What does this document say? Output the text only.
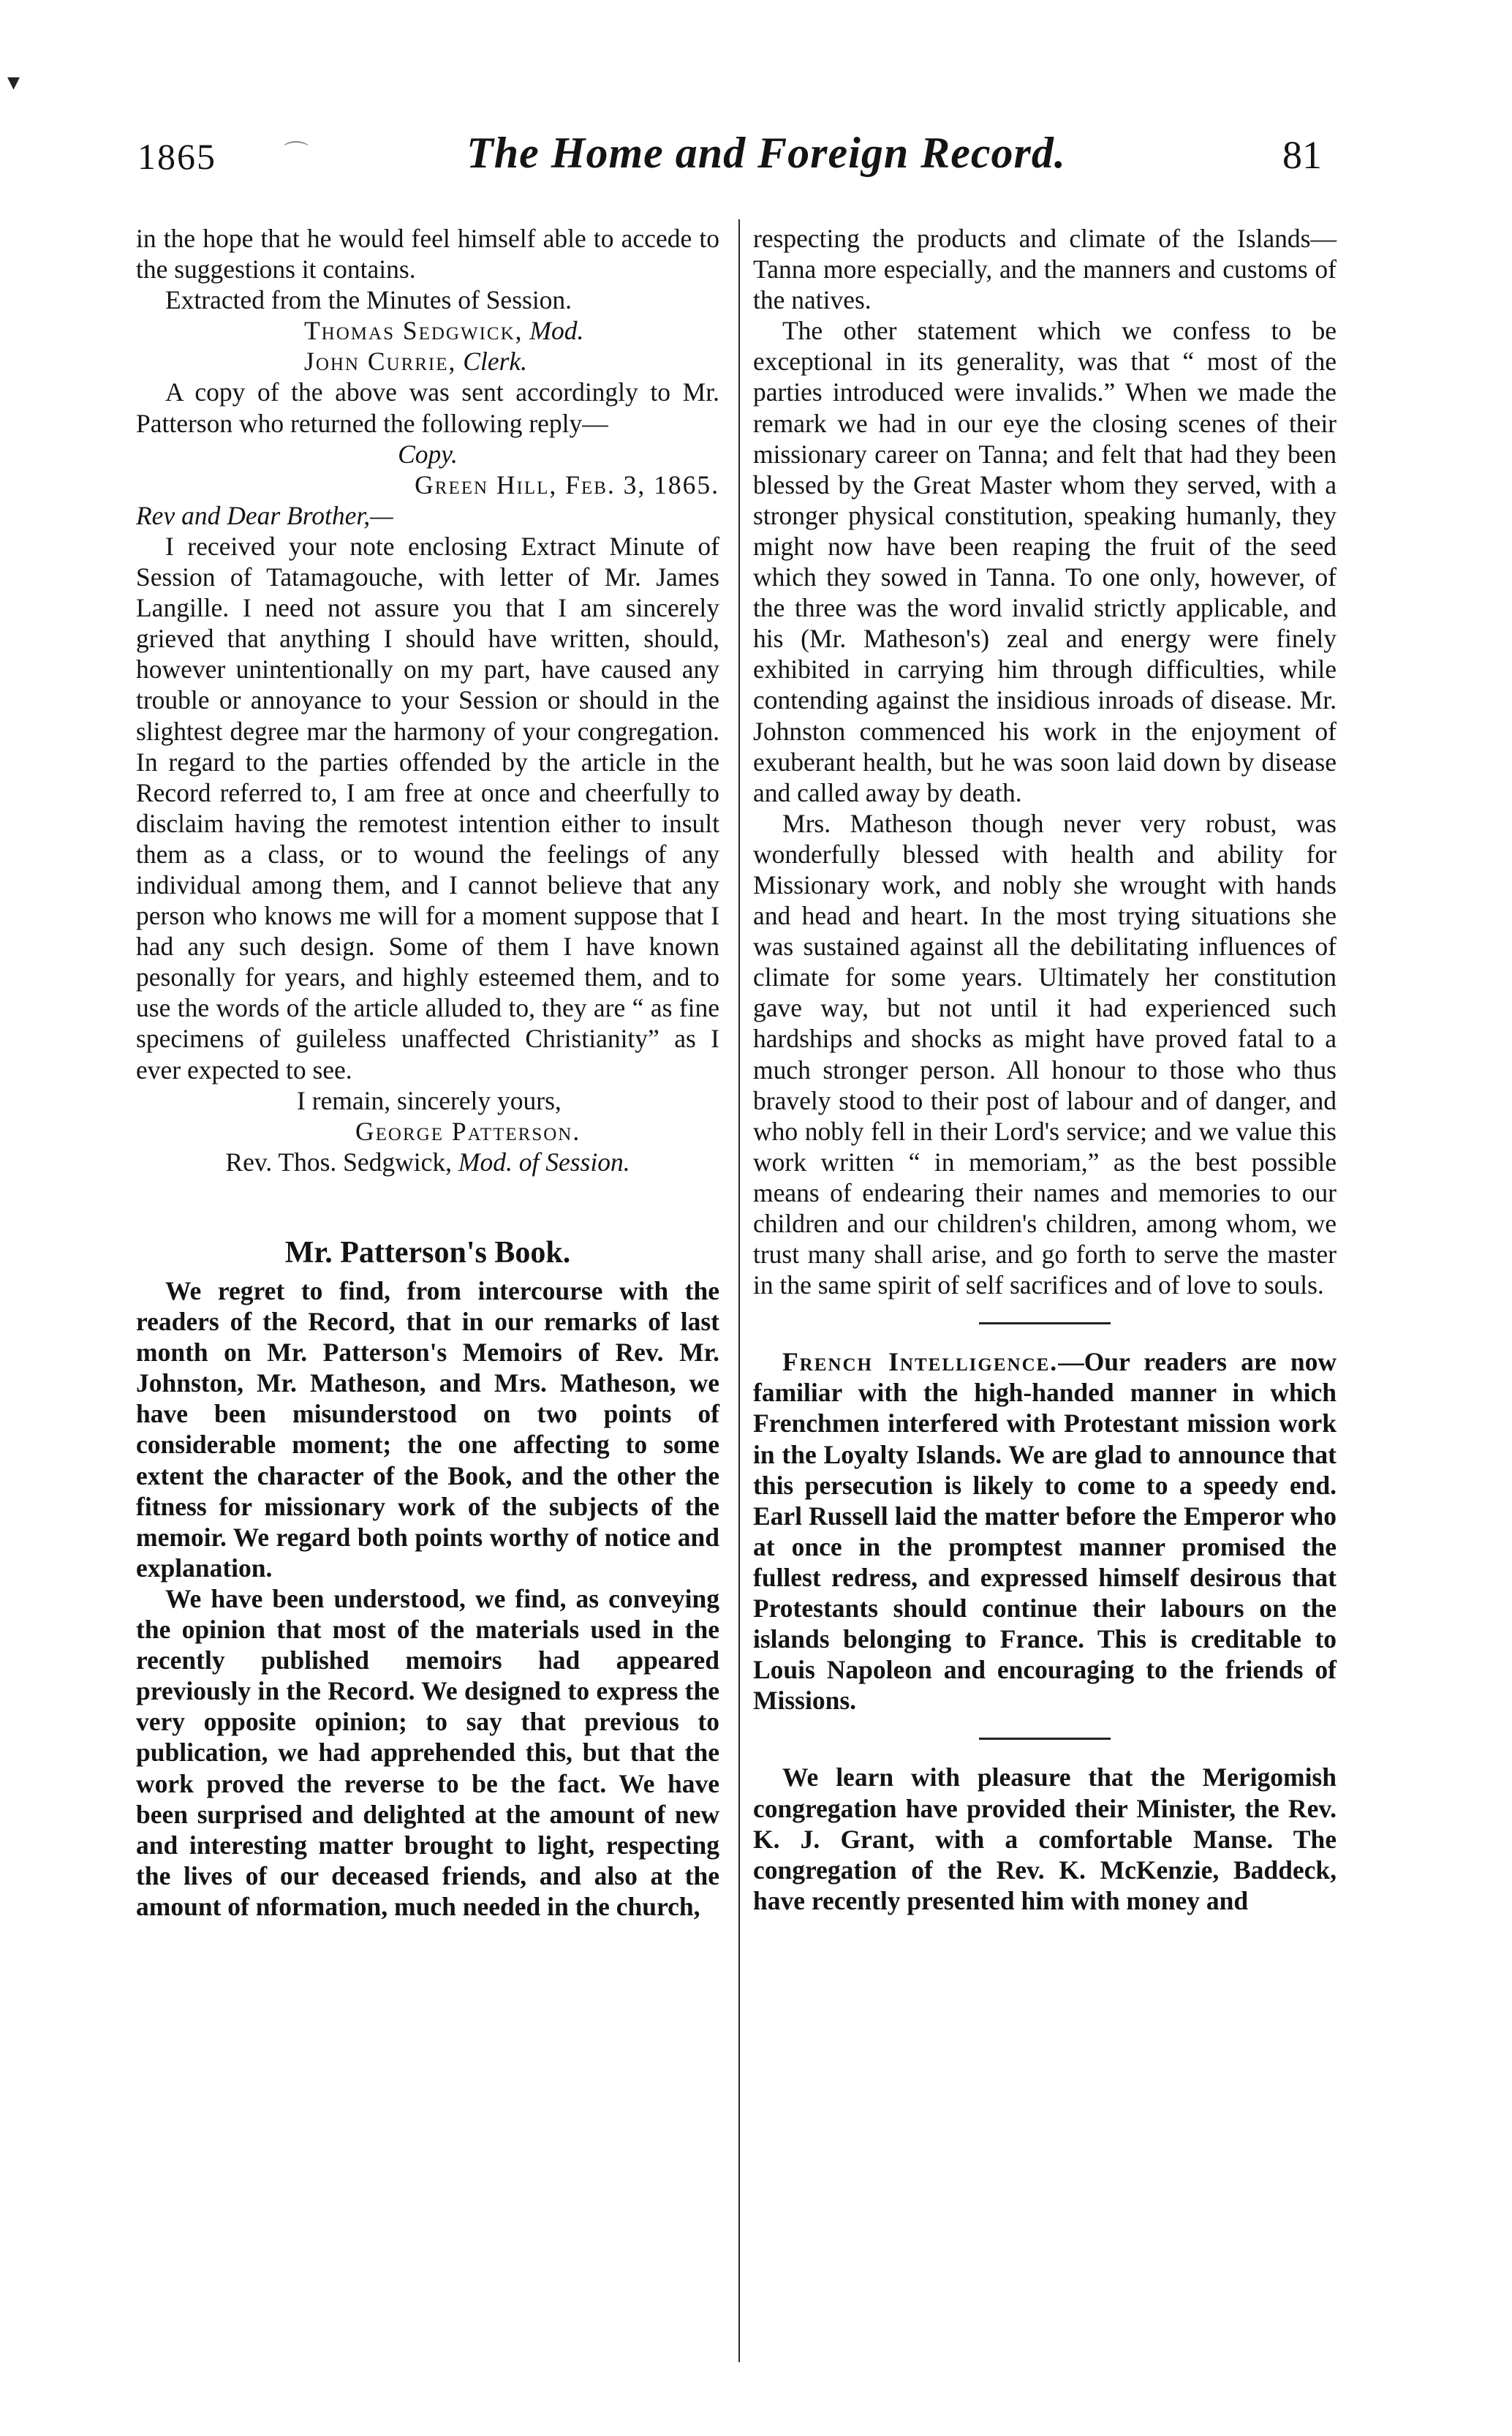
▾
1865	⌒	The Home and Foreign Record.	81

in the hope that he would feel himself able to accede to the suggestions it contains.

Extracted from the Minutes of Session.

Thomas Sedgwick, Mod.

John Currie, Clerk.

A copy of the above was sent accordingly to Mr. Patterson who returned the following reply—

Copy.

Green Hill, Feb. 3, 1865.

Rev and Dear Brother,—

I received your note enclosing Extract Minute of Session of Tatamagouche, with letter of Mr. James Langille. I need not assure you that I am sincerely grieved that anything I should have written, should, however unintentionally on my part, have caused any trouble or annoyance to your Session or should in the slightest degree mar the harmony of your congregation. In regard to the parties offended by the article in the Record referred to, I am free at once and cheerfully to disclaim having the remotest intention either to insult them as a class, or to wound the feelings of any individual among them, and I cannot believe that any person who knows me will for a moment suppose that I had any such design. Some of them I have known pesonally for years, and highly esteemed them, and to use the words of the article alluded to, they are “ as fine specimens of guileless unaffected Christianity” as I ever expected to see.

I remain, sincerely yours,

George Patterson.

Rev. Thos. Sedgwick, Mod. of Session.

Mr. Patterson's Book.

We regret to find, from intercourse with the readers of the Record, that in our remarks of last month on Mr. Patterson's Memoirs of Rev. Mr. Johnston, Mr. Matheson, and Mrs. Matheson, we have been misunderstood on two points of considerable moment; the one affecting to some extent the character of the Book, and the other the fitness for missionary work of the subjects of the memoir. We regard both points worthy of notice and explanation.

We have been understood, we find, as conveying the opinion that most of the materials used in the recently published memoirs had appeared previously in the Record. We designed to express the very opposite opinion; to say that previous to publication, we had apprehended this, but that the work proved the reverse to be the fact. We have been surprised and delighted at the amount of new and interesting matter brought to light, respecting the lives of our deceased friends, and also at the amount of nformation, much needed in the church,

respecting the products and climate of the Islands—Tanna more especially, and the manners and customs of the natives.

The other statement which we confess to be exceptional in its generality, was that “ most of the parties introduced were invalids.” When we made the remark we had in our eye the closing scenes of their missionary career on Tanna; and felt that had they been blessed by the Great Master whom they served, with a stronger physical constitution, speaking humanly, they might now have been reaping the fruit of the seed which they sowed in Tanna. To one only, however, of the three was the word invalid strictly applicable, and his (Mr. Matheson's) zeal and energy were finely exhibited in carrying him through difficulties, while contending against the insidious inroads of disease. Mr. Johnston commenced his work in the enjoyment of exuberant health, but he was soon laid down by disease and called away by death.

Mrs. Matheson though never very robust, was wonderfully blessed with health and ability for Missionary work, and nobly she wrought with hands and head and heart. In the most trying situations she was sustained against all the debilitating influences of climate for some years. Ultimately her constitution gave way, but not until it had experienced such hardships and shocks as might have proved fatal to a much stronger person. All honour to those who thus bravely stood to their post of labour and of danger, and who nobly fell in their Lord's service; and we value this work written “ in memoriam,” as the best possible means of endearing their names and memories to our children and our children's children, among whom, we trust many shall arise, and go forth to serve the master in the same spirit of self sacrifices and of love to souls.

French Intelligence.—Our readers are now familiar with the high-handed manner in which Frenchmen interfered with Protestant mission work in the Loyalty Islands. We are glad to announce that this persecution is likely to come to a speedy end. Earl Russell laid the matter before the Emperor who at once in the promptest manner promised the fullest redress, and expressed himself desirous that Protestants should continue their labours on the islands belonging to France. This is creditable to Louis Napoleon and encouraging to the friends of Missions.

We learn with pleasure that the Merigomish congregation have provided their Minister, the Rev. K. J. Grant, with a comfortable Manse. The congregation of the Rev. K. McKenzie, Baddeck, have recently presented him with money and
